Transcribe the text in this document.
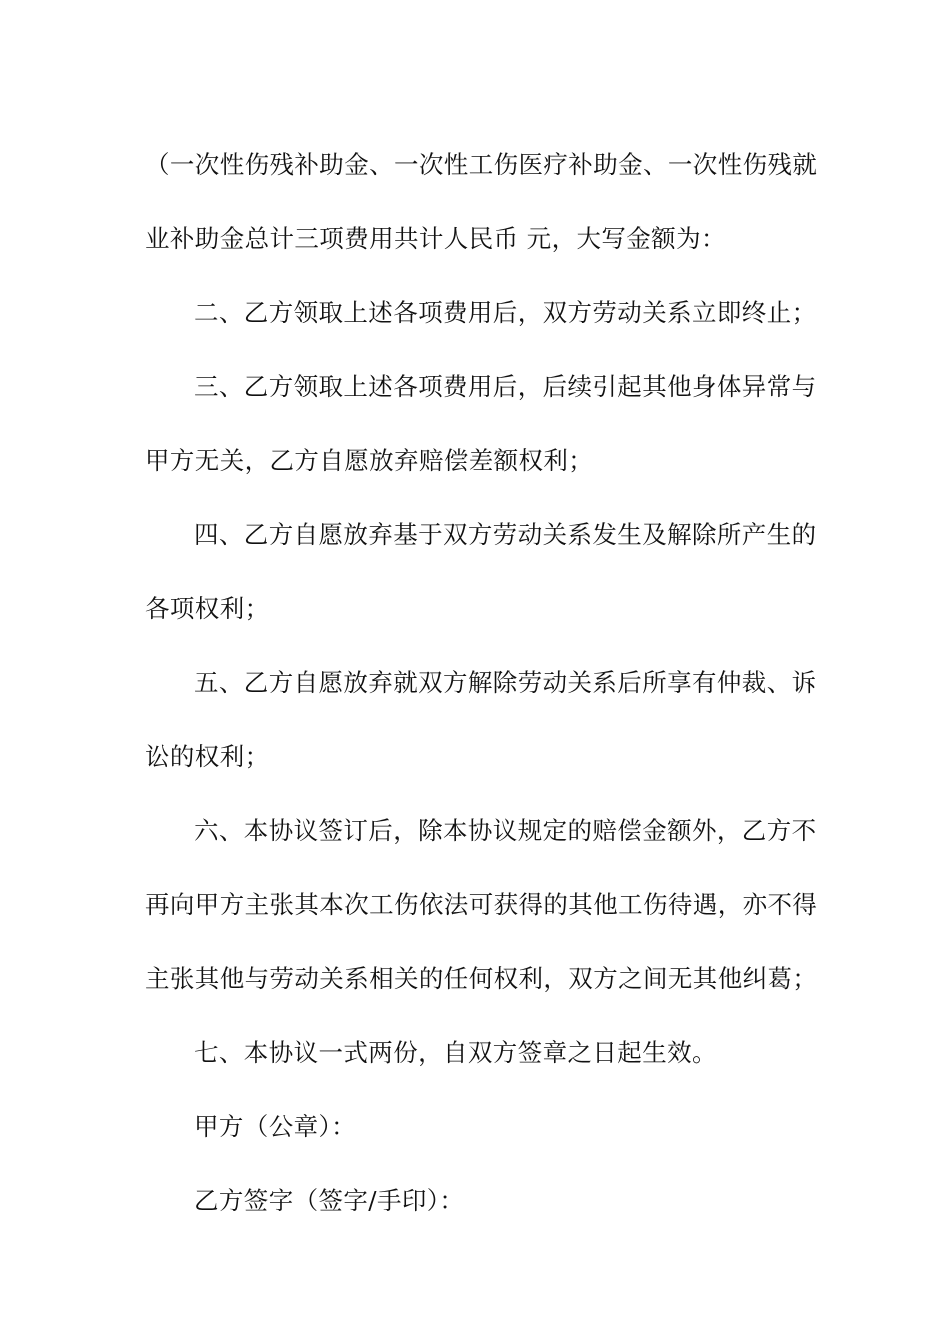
（一次性伤残补助金、一次性工伤医疗补助金、一次性伤残就
业补助金总计三项费用共计人民币 元，大写金额为：
二、乙方领取上述各项费用后，双方劳动关系立即终止；
三、乙方领取上述各项费用后，后续引起其他身体异常与
甲方无关，乙方自愿放弃赔偿差额权利；
四、乙方自愿放弃基于双方劳动关系发生及解除所产生的
各项权利；
五、乙方自愿放弃就双方解除劳动关系后所享有仲裁、诉
讼的权利；
六、本协议签订后，除本协议规定的赔偿金额外，乙方不
再向甲方主张其本次工伤依法可获得的其他工伤待遇，亦不得
主张其他与劳动关系相关的任何权利，双方之间无其他纠葛；
七、本协议一式两份，自双方签章之日起生效。
甲方（公章）：
乙方签字（签字/手印）：
